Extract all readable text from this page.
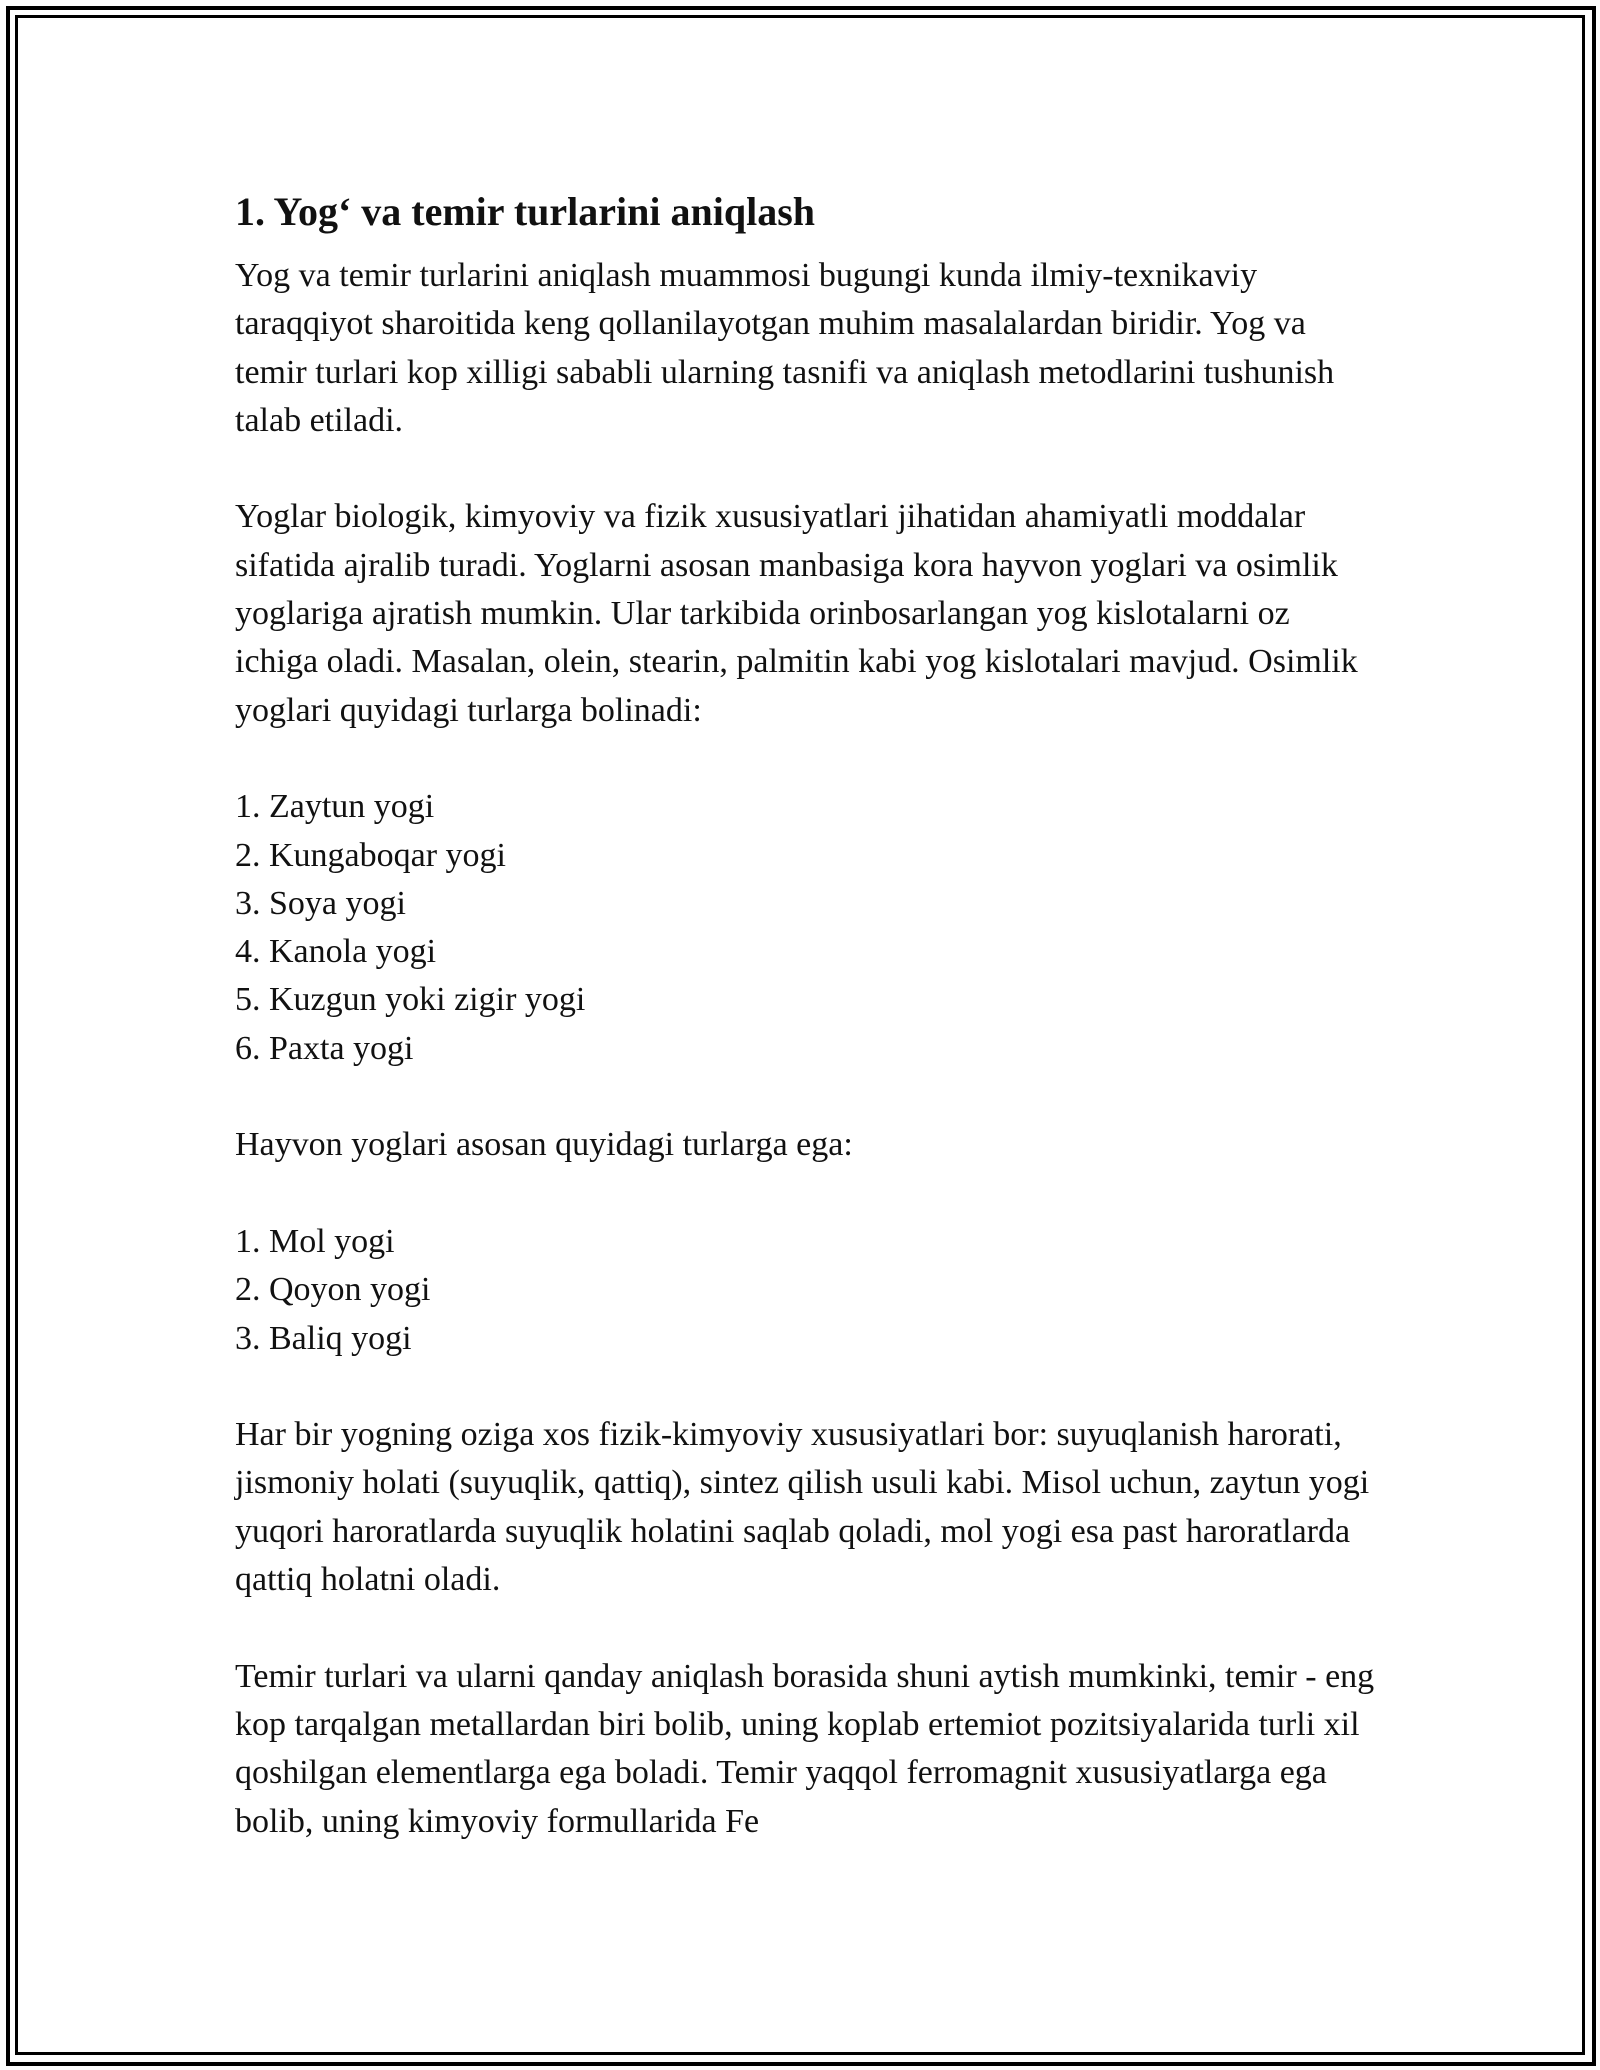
1. Yog‘ va temir turlarini aniqlash

Yog va temir turlarini aniqlash muammosi bugungi kunda ilmiy-texnikaviy taraqqiyot sharoitida keng qollanilayotgan muhim masalalardan biridir. Yog va temir turlari kop xilligi sababli ularning tasnifi va aniqlash metodlarini tushunish talab etiladi.

Yoglar biologik, kimyoviy va fizik xususiyatlari jihatidan ahamiyatli moddalar sifatida ajralib turadi. Yoglarni asosan manbasiga kora hayvon yoglari va osimlik yoglariga ajratish mumkin. Ular tarkibida orinbosarlangan yog kislotalarni oz ichiga oladi. Masalan, olein, stearin, palmitin kabi yog kislotalari mavjud. Osimlik yoglari quyidagi turlarga bolinadi:

1. Zaytun yogi
2. Kungaboqar yogi
3. Soya yogi
4. Kanola yogi
5. Kuzgun yoki zigir yogi
6. Paxta yogi

Hayvon yoglari asosan quyidagi turlarga ega:

1. Mol yogi
2. Qoyon yogi
3. Baliq yogi

Har bir yogning oziga xos fizik-kimyoviy xususiyatlari bor: suyuqlanish harorati, jismoniy holati (suyuqlik, qattiq), sintez qilish usuli kabi. Misol uchun, zaytun yogi yuqori haroratlarda suyuqlik holatini saqlab qoladi, mol yogi esa past haroratlarda qattiq holatni oladi.

Temir turlari va ularni qanday aniqlash borasida shuni aytish mumkinki, temir - eng kop tarqalgan metallardan biri bolib, uning koplab ertemiot pozitsiyalarida turli xil qoshilgan elementlarga ega boladi. Temir yaqqol ferromagnit xususiyatlarga ega bolib, uning kimyoviy formullarida Fe
